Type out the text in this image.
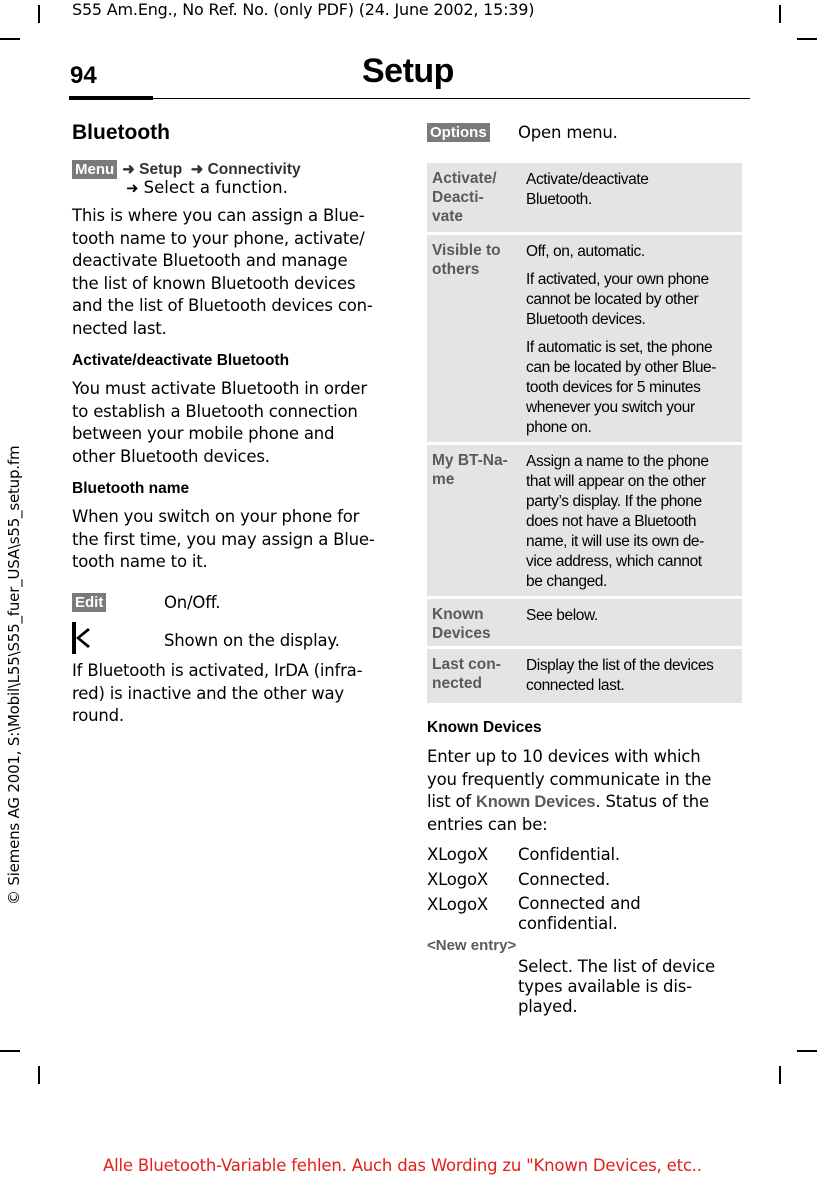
S55 Am.Eng., No Ref. No. (only PDF) (24. June 2002, 15:39)
94	Setup
© Siemens AG 2001, S:\Mobil\L55\S55_fuer_USA\s55_setup.fm
Bluetooth
Menu ➜ Setup  ➜ Connectivity
➜ Select a function.
This is where you can assign a Blue-
tooth name to your phone, activate/
deactivate Bluetooth and manage
the list of known Bluetooth devices
and the list of Bluetooth devices con-
nected last.
Activate/deactivate Bluetooth
You must activate Bluetooth in order
to establish a Bluetooth connection
between your mobile phone and
other Bluetooth devices.
Bluetooth name
When you switch on your phone for
the first time, you may assign a Blue-
tooth name to it.
Edit	On/Off.
Shown on the display.
If Bluetooth is activated, IrDA (infra-
red) is inactive and the other way
round.
Options Open menu.
Activate/
Deacti-
vate

Activate/deactivate
Bluetooth.

Visible to
others

Off, on, automatic.

If activated, your own phone
cannot be located by other
Bluetooth devices.

If automatic is set, the phone
can be located by other Blue-
tooth devices for 5 minutes
whenever you switch your
phone on.

My BT-Na-
me

Assign a name to the phone
that will appear on the other
party’s display. If the phone
does not have a Bluetooth
name, it will use its own de-
vice address, which cannot
be changed.

Known
Devices

See below.

Last con-
nected

Display the list of the devices
connected last.

Known Devices
Enter up to 10 devices with which
you frequently communicate in the
list of Known Devices. Status of the
entries can be:
XLogoX Confidential.
XLogoX Connected.
XLogoX Connected and
confidential.
<New entry>
Select. The list of device
types available is dis-
played.
Alle Bluetooth-Variable fehlen. Auch das Wording zu "Known Devices, etc..
